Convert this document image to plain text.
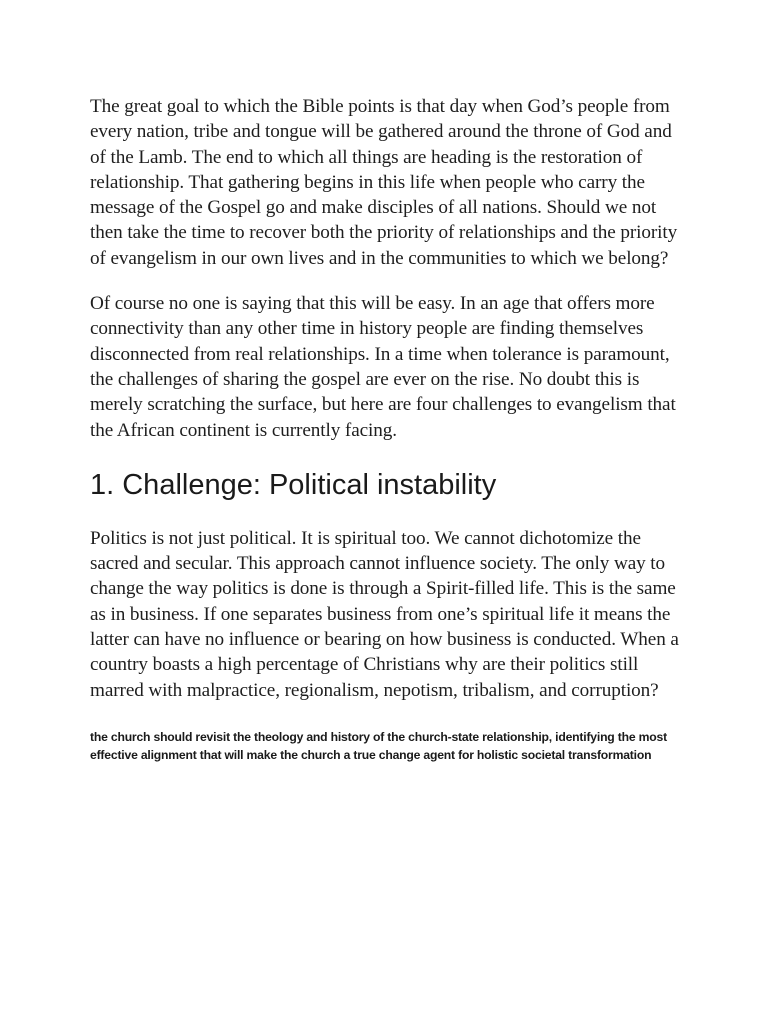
The great goal to which the Bible points is that day when God’s people from every nation, tribe and tongue will be gathered around the throne of God and of the Lamb. The end to which all things are heading is the restoration of relationship. That gathering begins in this life when people who carry the message of the Gospel go and make disciples of all nations. Should we not then take the time to recover both the priority of relationships and the priority of evangelism in our own lives and in the communities to which we belong?

Of course no one is saying that this will be easy. In an age that offers more connectivity than any other time in history people are finding themselves disconnected from real relationships. In a time when tolerance is paramount, the challenges of sharing the gospel are ever on the rise. No doubt this is merely scratching the surface, but here are four challenges to evangelism that the African continent is currently facing.

1. Challenge: Political instability

Politics is not just political. It is spiritual too. We cannot dichotomize the sacred and secular. This approach cannot influence society. The only way to change the way politics is done is through a Spirit-filled life. This is the same as in business. If one separates business from one’s spiritual life it means the latter can have no influence or bearing on how business is conducted. When a country boasts a high percentage of Christians why are their politics still marred with malpractice, regionalism, nepotism, tribalism, and corruption?

the church should revisit the theology and history of the church-state relationship, identifying the most effective alignment that will make the church a true change agent for holistic societal transformation
